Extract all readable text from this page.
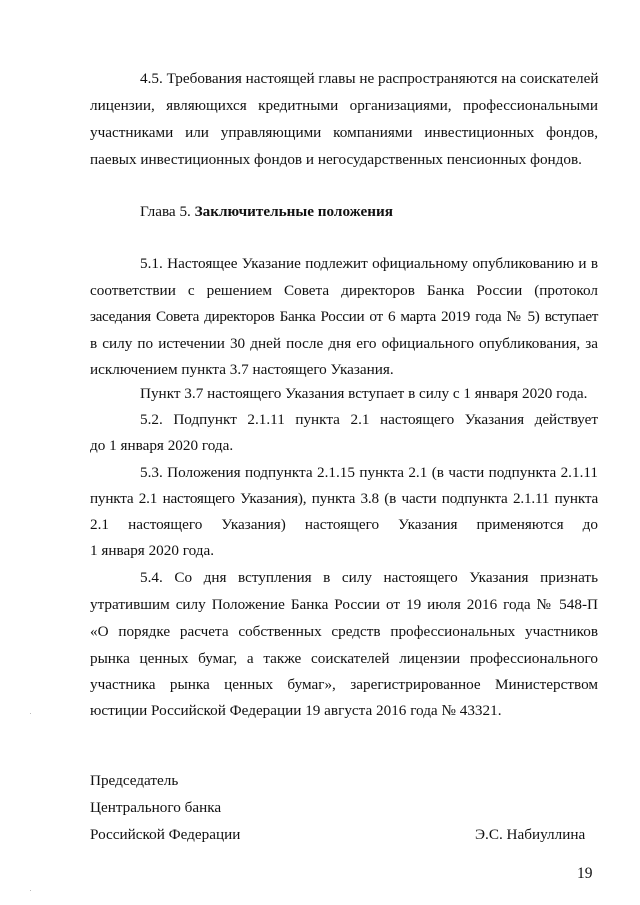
4.5. Требования настоящей главы не распространяются на соискателей
лицензии, являющихся кредитными организациями, профессиональными
участниками или управляющими компаниями инвестиционных фондов,
паевых инвестиционных фондов и негосударственных пенсионных фондов.
Глава 5. Заключительные положения
5.1. Настоящее Указание подлежит официальному опубликованию и в
соответствии с решением Совета директоров Банка России (протокол
заседания Совета директоров Банка России от 6 марта 2019 года № 5) вступает
в силу по истечении 30 дней после дня его официального опубликования, за
исключением пункта 3.7 настоящего Указания.
Пункт 3.7 настоящего Указания вступает в силу с 1 января 2020 года.
5.2. Подпункт 2.1.11 пункта 2.1 настоящего Указания действует
до 1 января 2020 года.
5.3. Положения подпункта 2.1.15 пункта 2.1 (в части подпункта 2.1.11
пункта 2.1 настоящего Указания), пункта 3.8 (в части подпункта 2.1.11 пункта
2.1 настоящего Указания) настоящего Указания применяются до
1 января 2020 года.
5.4. Со дня вступления в силу настоящего Указания признать
утратившим силу Положение Банка России от 19 июля 2016 года № 548-П
«О порядке расчета собственных средств профессиональных участников
рынка ценных бумаг, а также соискателей лицензии профессионального
участника рынка ценных бумаг», зарегистрированное Министерством
юстиции Российской Федерации 19 августа 2016 года № 43321.
Председатель
Центрального банка
Российской Федерации	Э.С. Набиуллина
19
